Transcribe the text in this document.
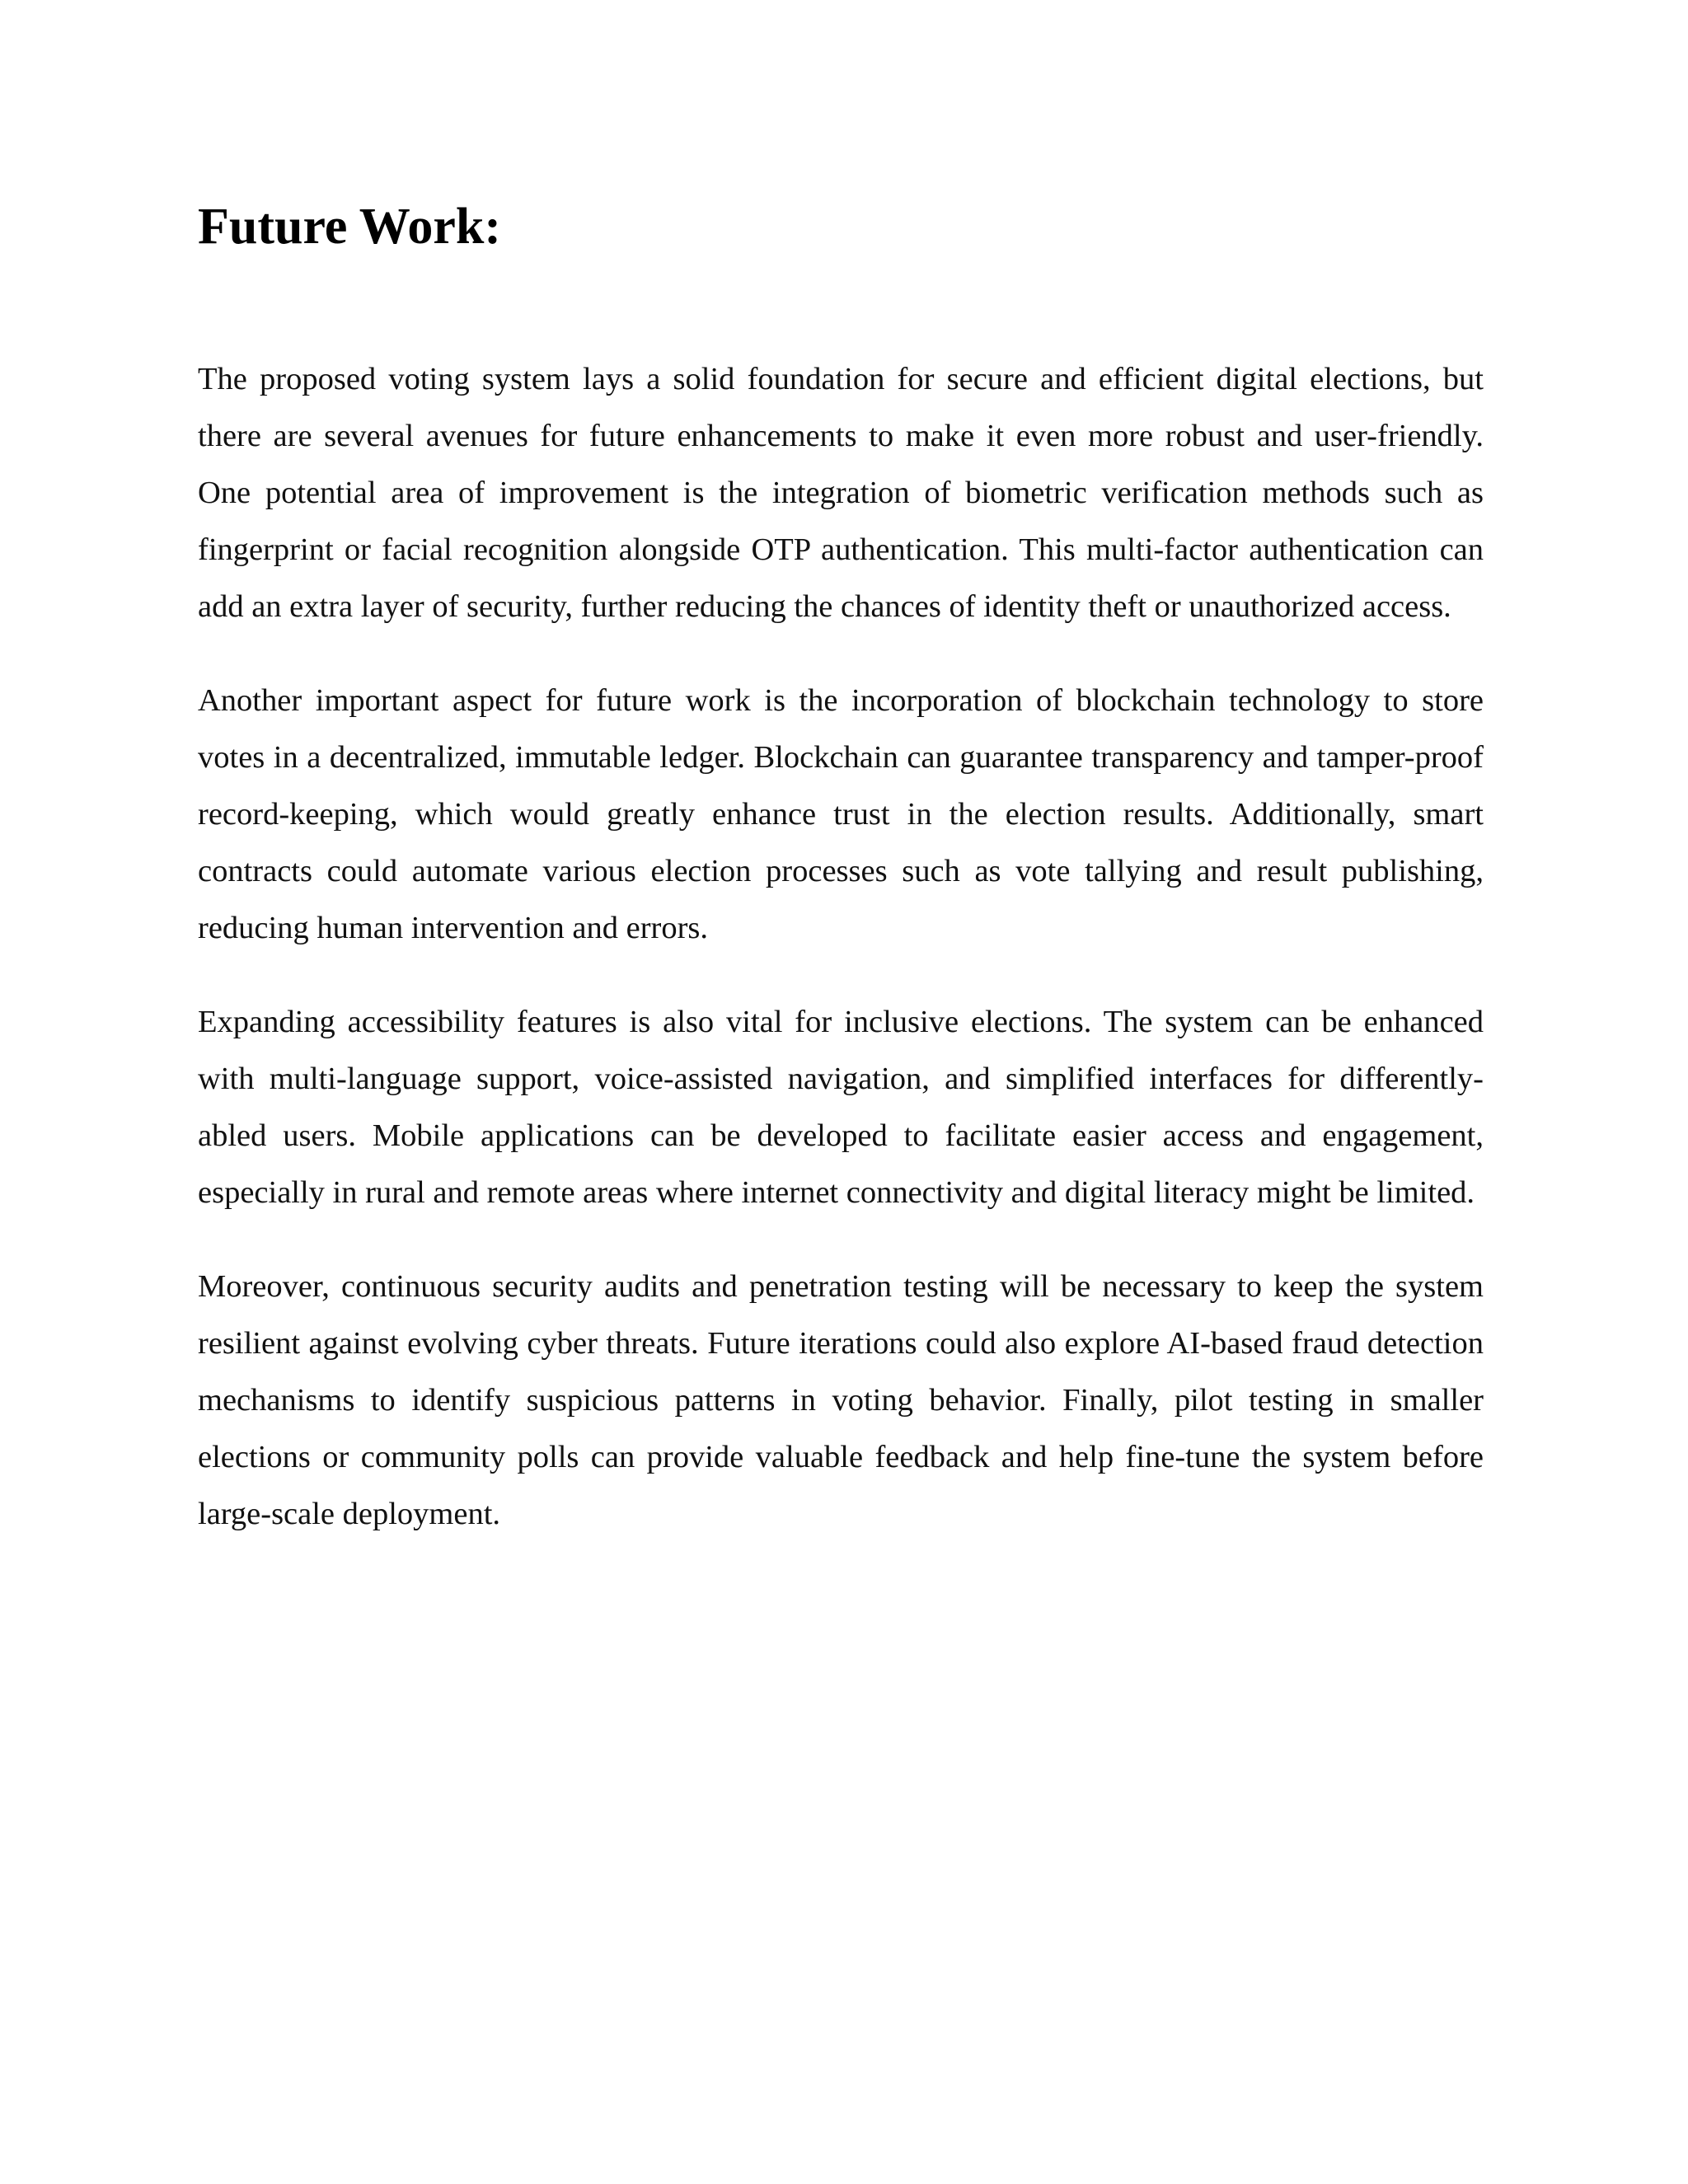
Future Work:

The proposed voting system lays a solid foundation for secure and efficient digital elections, but there are several avenues for future enhancements to make it even more robust and user-friendly. One potential area of improvement is the integration of biometric verification methods such as fingerprint or facial recognition alongside OTP authentication. This multi-factor authentication can add an extra layer of security, further reducing the chances of identity theft or unauthorized access.

Another important aspect for future work is the incorporation of blockchain technology to store votes in a decentralized, immutable ledger. Blockchain can guarantee transparency and tamper-proof record-keeping, which would greatly enhance trust in the election results. Additionally, smart contracts could automate various election processes such as vote tallying and result publishing, reducing human intervention and errors.

Expanding accessibility features is also vital for inclusive elections. The system can be enhanced with multi-language support, voice-assisted navigation, and simplified interfaces for differently-abled users. Mobile applications can be developed to facilitate easier access and engagement, especially in rural and remote areas where internet connectivity and digital literacy might be limited.

Moreover, continuous security audits and penetration testing will be necessary to keep the system resilient against evolving cyber threats. Future iterations could also explore AI-based fraud detection mechanisms to identify suspicious patterns in voting behavior. Finally, pilot testing in smaller elections or community polls can provide valuable feedback and help fine-tune the system before large-scale deployment.
